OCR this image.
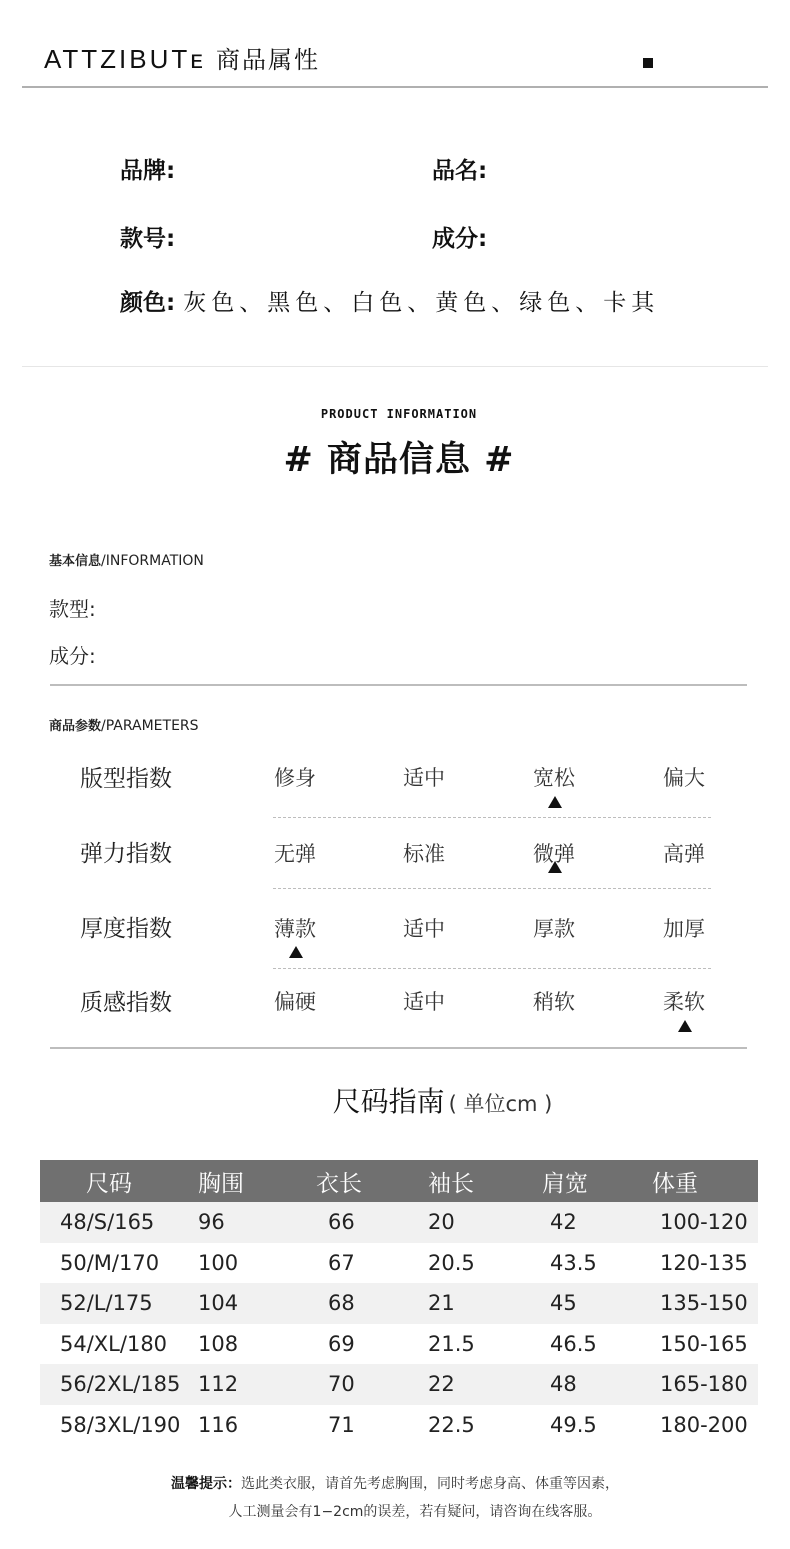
ATTΖIBUTᴇ 商品属性
品牌:	品名:
款号:	成分:
颜色: 灰色、黑色、白色、黄色、绿色、卡其
PRODUCT INFORMATION
# 商品信息 #
基本信息/INFORMATION
款型:
成分:
商品参数/PARAMETERS
版型指数	修身	适中	宽松	偏大
弹力指数	无弹	标准	微弹	高弹
厚度指数	薄款	适中	厚款	加厚
质感指数	偏硬	适中	稍软	柔软
尺码指南 ( 单位cm )
尺码	胸围	衣长	袖长	肩宽	体重
48/S/165	96	66	20	42	100-120
50/M/170	100	67	20.5	43.5	120-135
52/L/175	104	68	21	45	135-150
54/XL/180	108	69	21.5	46.5	150-165
56/2XL/185	112	70	22	48	165-180
58/3XL/190	116	71	22.5	49.5	180-200
温馨提示：选此类衣服，请首先考虑胸围，同时考虑身高、体重等因素，
人工测量会有1−2cm的误差，若有疑问，请咨询在线客服。
